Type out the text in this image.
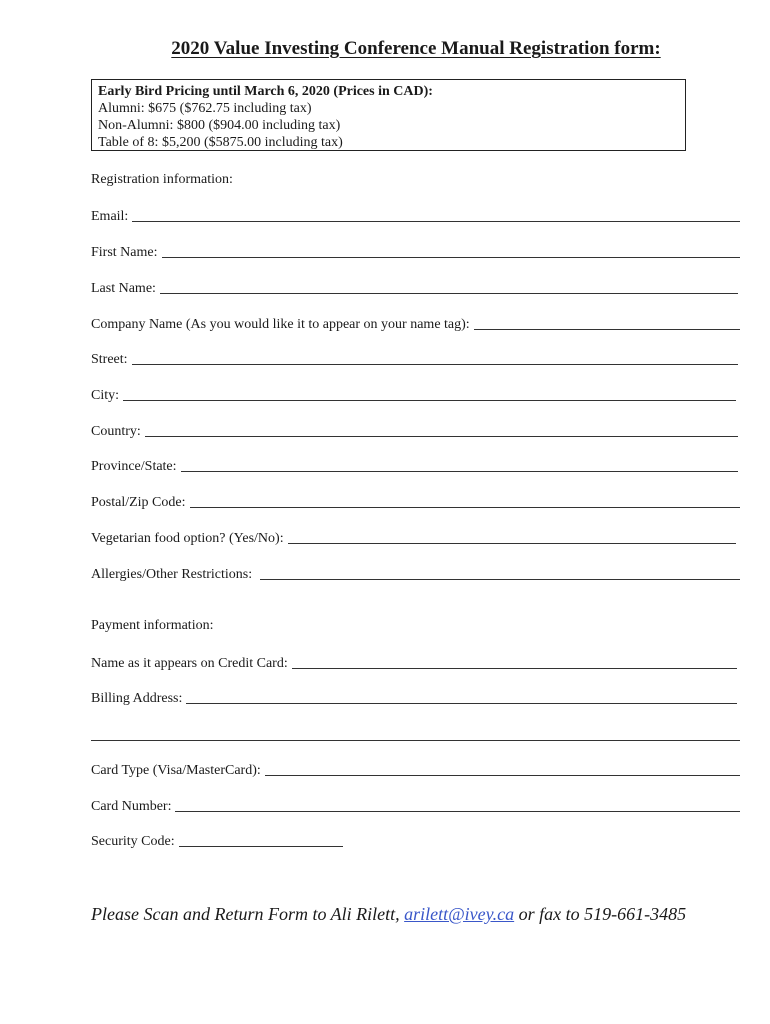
2020 Value Investing Conference Manual Registration form:
Early Bird Pricing until March 6, 2020 (Prices in CAD):
Alumni: $675 ($762.75 including tax)
Non-Alumni: $800 ($904.00 including tax)
Table of 8: $5,200 ($5875.00 including tax)
Registration information:
Email:
First Name:
Last Name:
Company Name (As you would like it to appear on your name tag):
Street:
City:
Country:
Province/State:
Postal/Zip Code:
Vegetarian food option? (Yes/No):
Allergies/Other Restrictions:
Payment information:
Name as it appears on Credit Card:
Billing Address:
Card Type (Visa/MasterCard):
Card Number:
Security Code:
Please Scan and Return Form to Ali Rilett, arilett@ivey.ca or fax to 519-661-3485
